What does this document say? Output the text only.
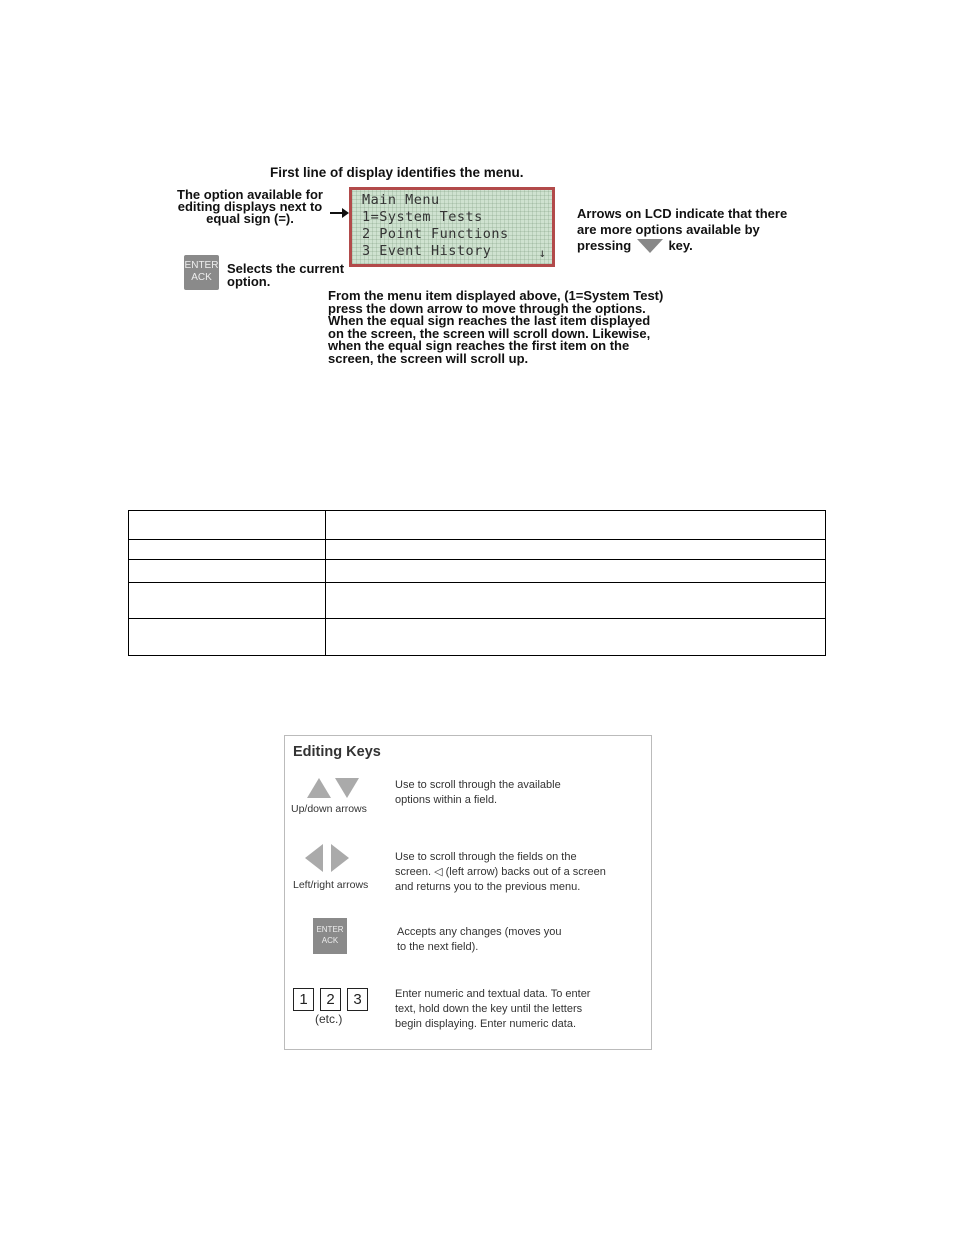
First line of display identifies the menu.
The option available for editing displays next to equal sign (=).
Main Menu
1=System Tests
2 Point Functions
3 Event History	↓
Arrows on LCD indicate that there are more options available by pressing	key.
ENTER
ACK
Selects the current option.
From the menu item displayed above, (1=System Test) press the down arrow to move through the options. When the equal sign reaches the last item displayed on the screen, the screen will scroll down. Likewise, when the equal sign reaches the first item on the screen, the screen will scroll up.

Editing Keys
Up/down arrows
Use to scroll through the available options within a field.
Left/right arrows
Use to scroll through the fields on the screen. ◁ (left arrow) backs out of a screen and returns you to the previous menu.
ENTER
ACK
Accepts any changes (moves you to the next field).
1	2	3
(etc.)
Enter numeric and textual data. To enter text, hold down the key until the letters begin displaying. Enter numeric data.
